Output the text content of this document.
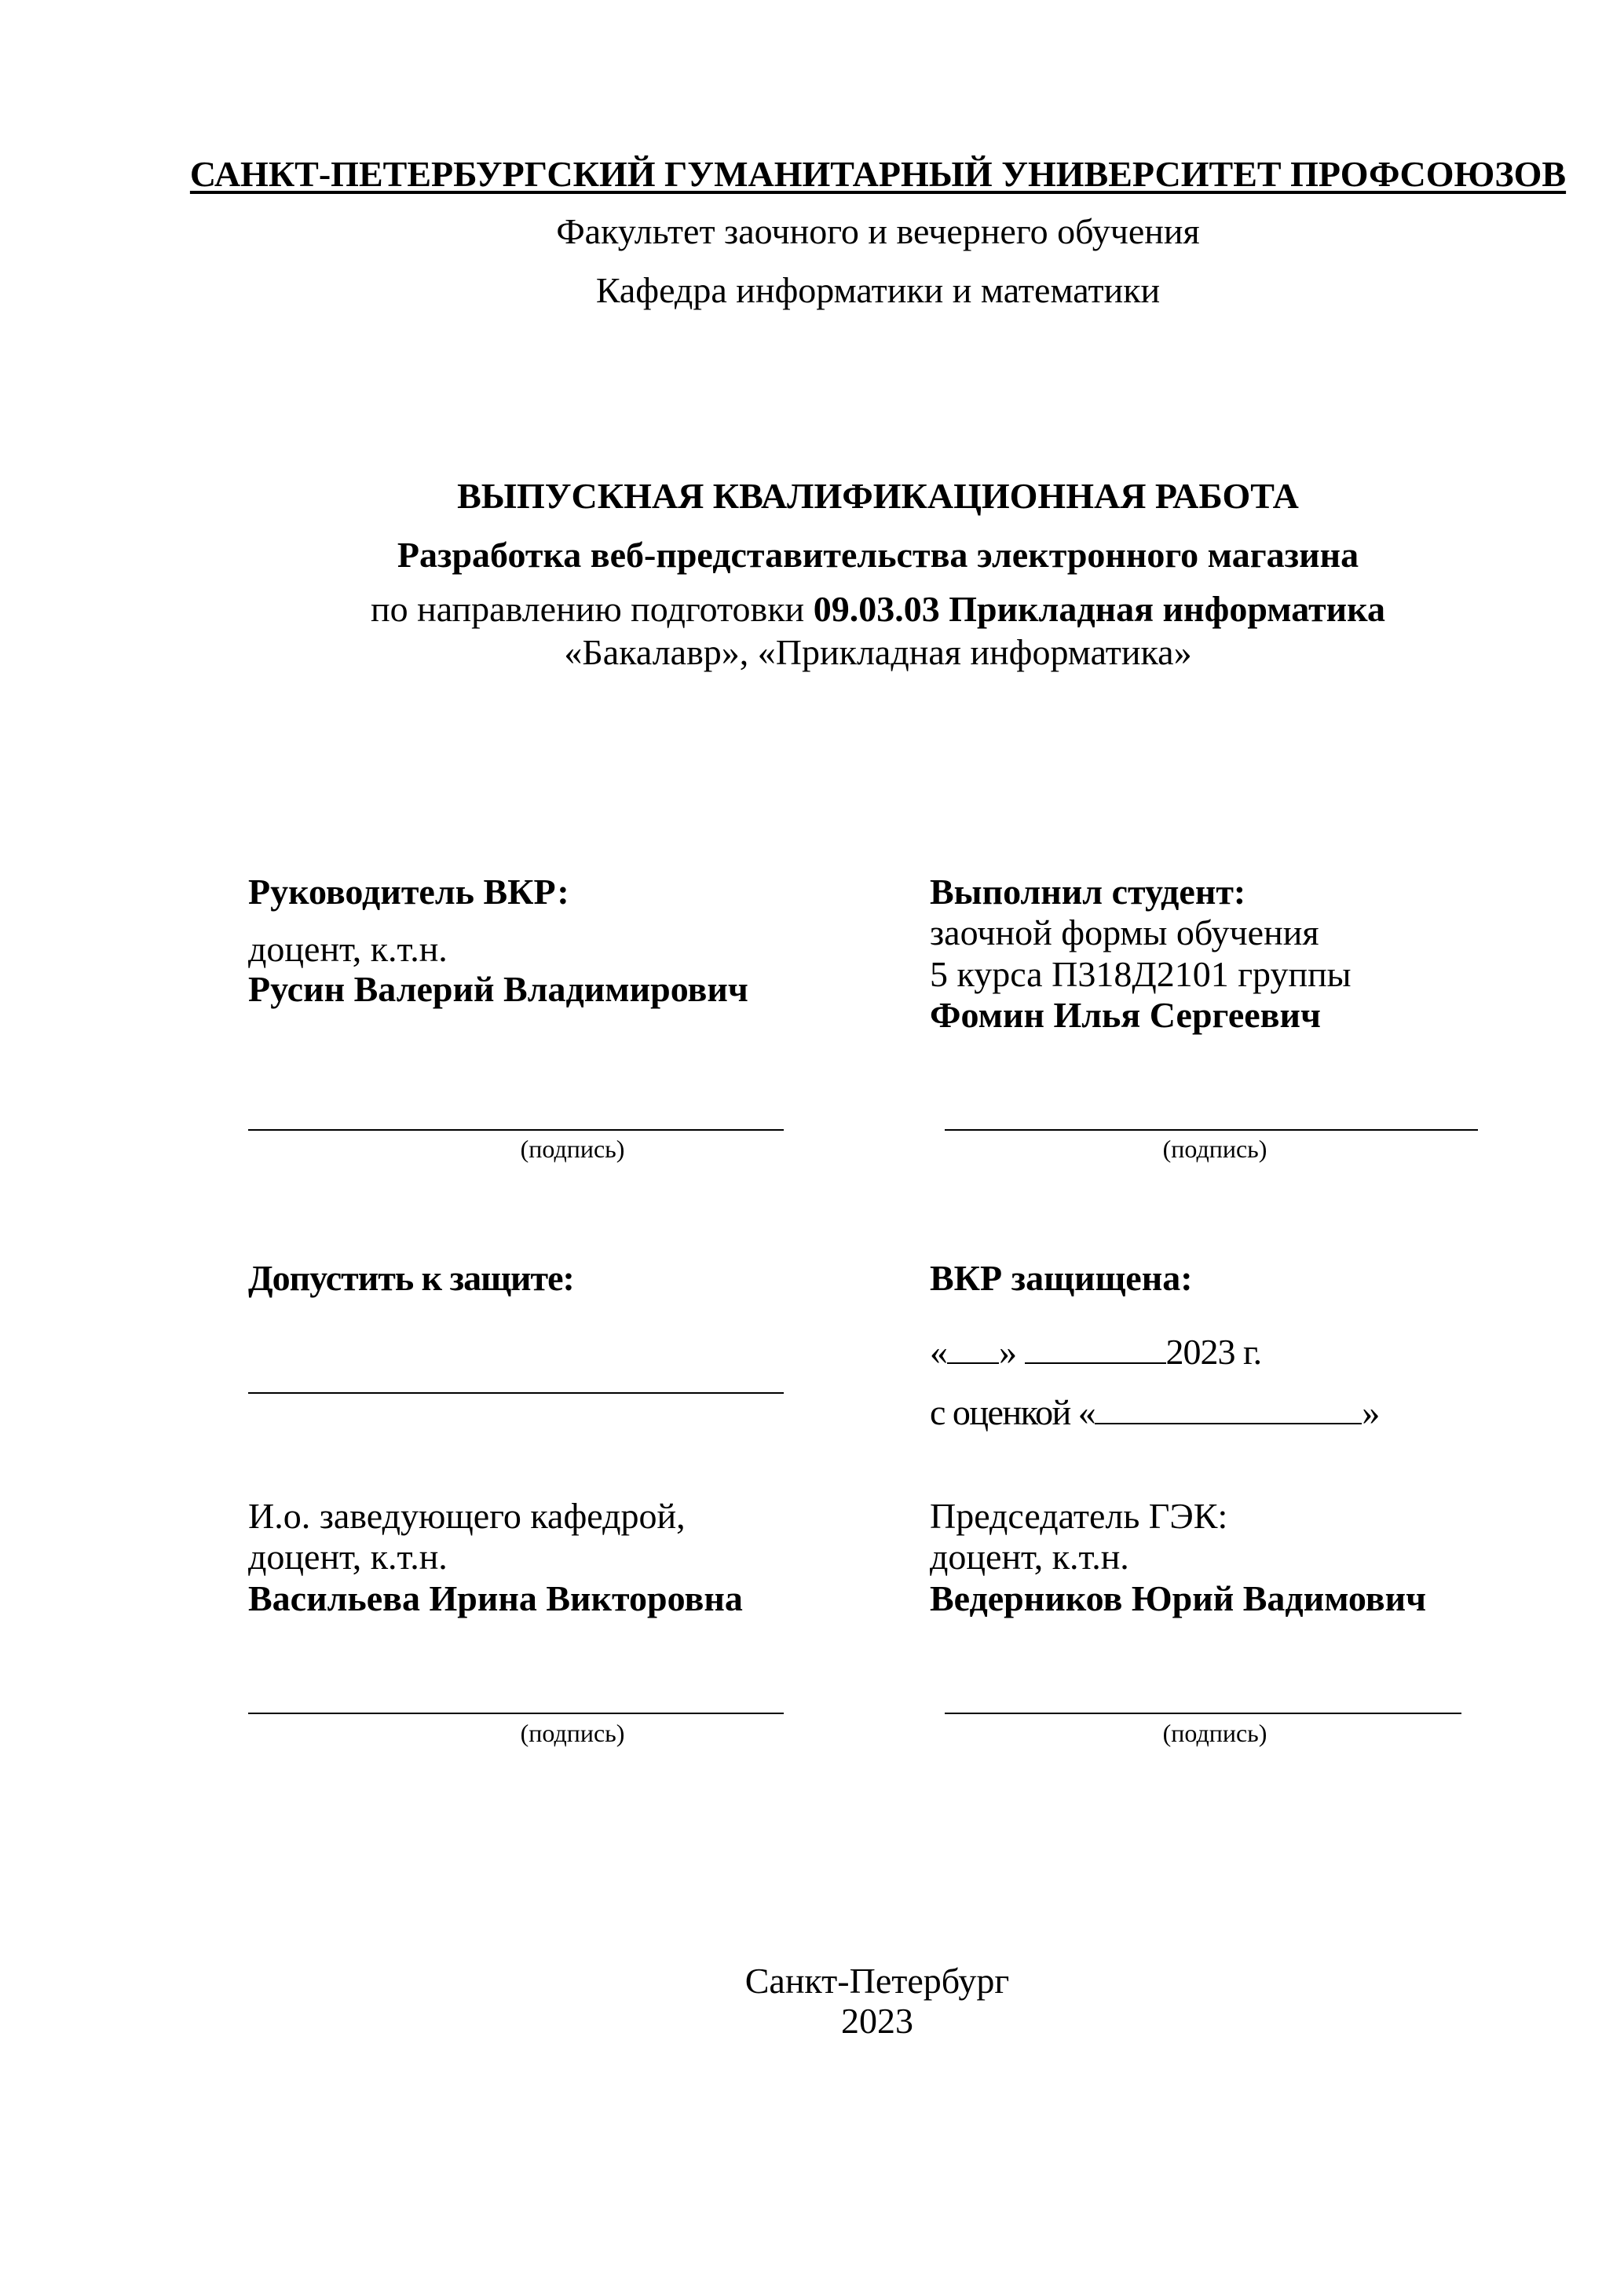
САНКТ-ПЕТЕРБУРГСКИЙ ГУМАНИТАРНЫЙ УНИВЕРСИТЕТ ПРОФСОЮЗОВ
Факультет заочного и вечернего обучения
Кафедра информатики и математики
ВЫПУСКНАЯ КВАЛИФИКАЦИОННАЯ РАБОТА
Разработка веб-представительства электронного магазина
по направлению подготовки 09.03.03 Прикладная информатика
«Бакалавр», «Прикладная информатика»
Руководитель ВКР:
доцент, к.т.н.
Русин Валерий Владимирович
Выполнил студент:
заочной формы обучения
5 курса П318Д2101 группы
Фомин Илья Сергеевич
(подпись)	(подпись)
Допустить к защите:	ВКР защищена:
« »	2023 г.
с оценкой «	»
И.о. заведующего кафедрой,
доцент, к.т.н.
Васильева Ирина Викторовна
Председатель ГЭК:
доцент, к.т.н.
Ведерников Юрий Вадимович
(подпись)	(подпись)
Санкт-Петербург
2023
